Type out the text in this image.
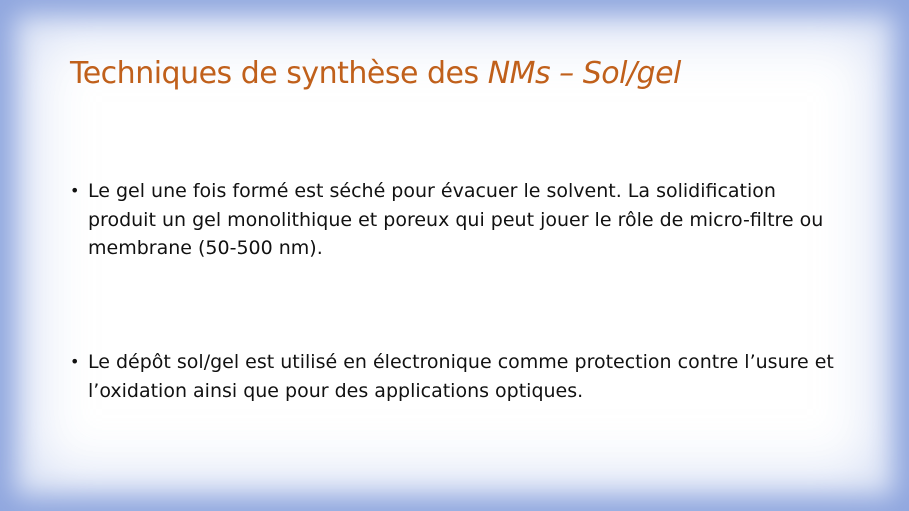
Techniques de synthèse des NMs – Sol/gel
• Le gel une fois formé est séché pour évacuer le solvent. La solidification produit un gel monolithique et poreux qui peut jouer le rôle de micro-filtre ou membrane (50-500 nm).
• Le dépôt sol/gel est utilisé en électronique comme protection contre l’usure et l’oxidation ainsi que pour des applications optiques.
